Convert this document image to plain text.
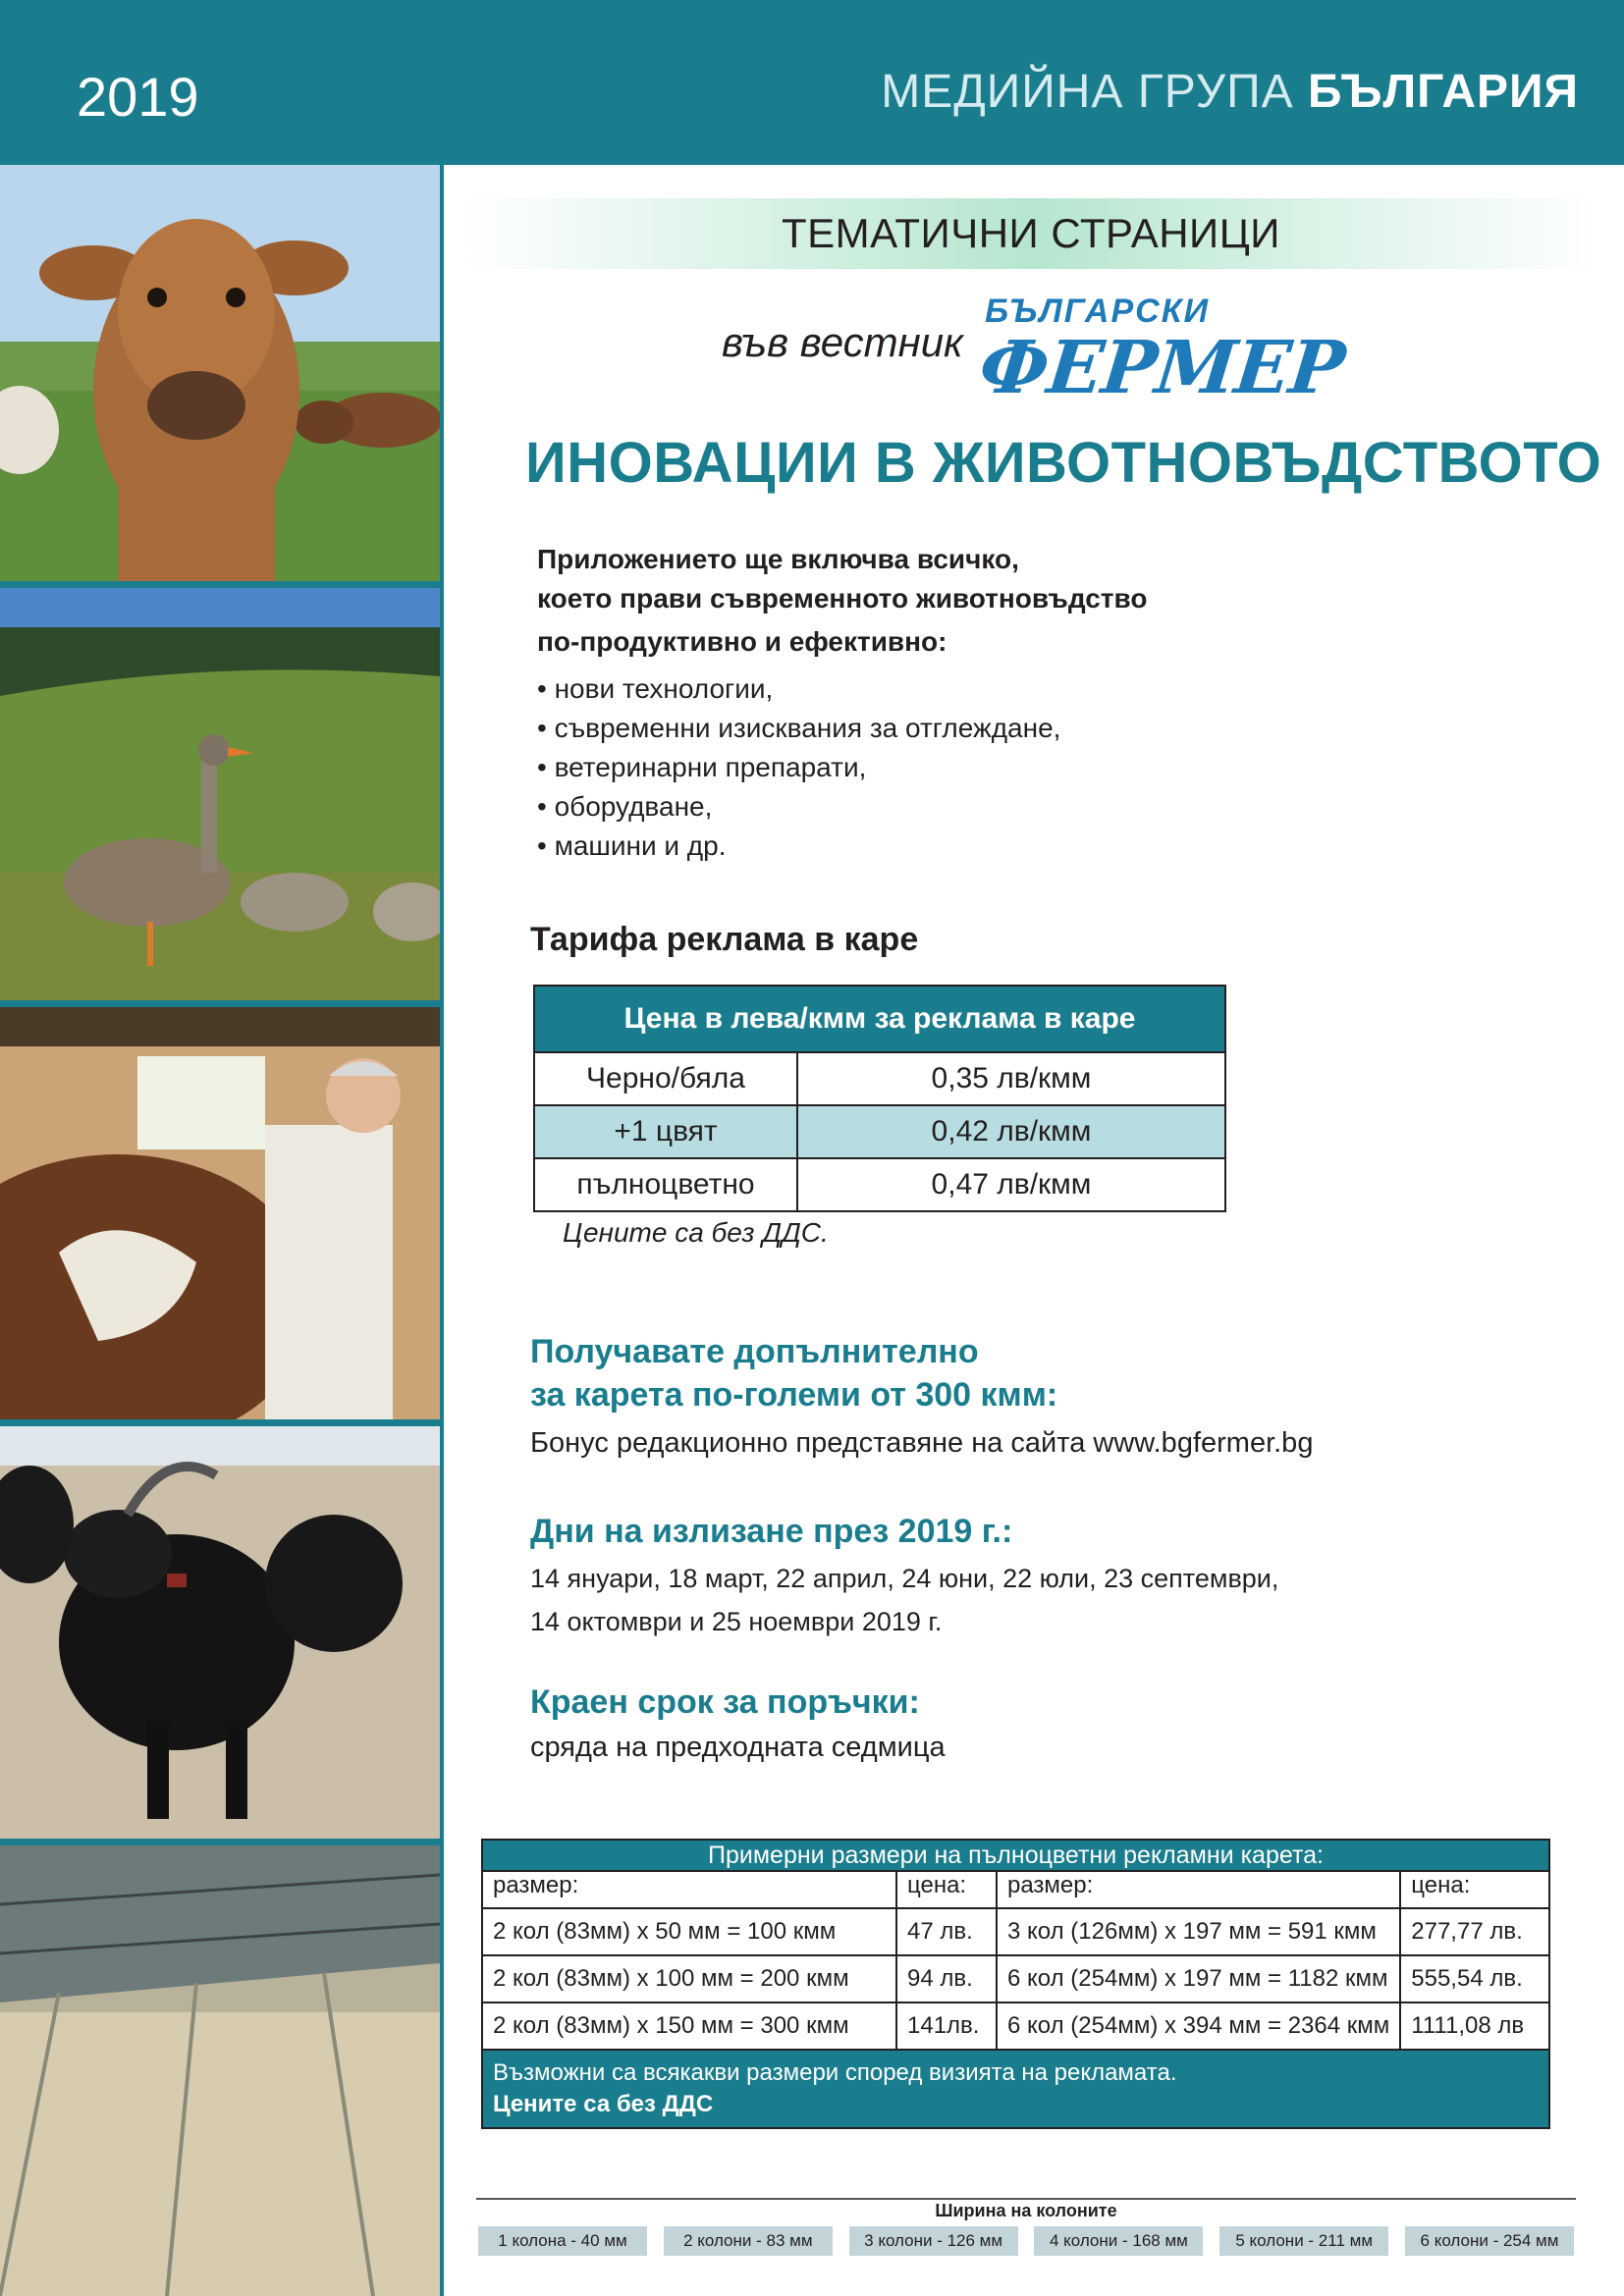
2019	МЕДИЙНА ГРУПА БЪЛГАРИЯ
ТЕМАТИЧНИ СТРАНИЦИ
във вестник
БЪЛГАРСКИ
ФЕРМЕР
ИНОВАЦИИ В ЖИВОТНОВЪДСТВОТО
Приложението ще включва всичко,
което прави съвременното животновъдство
по-продуктивно и ефективно:
• нови технологии,
• съвременни изисквания за отглеждане,
• ветеринарни препарати,
• оборудване,
• машини и др.
Тарифа реклама в каре
Цена в лева/кмм за реклама в каре	
Черно/бяла	0,35 лв/кмм
+1 цвят	0,42 лв/кмм
пълноцветно	0,47 лв/кмм
Цените са без ДДС.
Получавате допълнително
за карета по-големи от 300 кмм:
Бонус редакционно представяне на сайта www.bgfermer.bg
Дни на излизане през 2019 г.:
14 януари, 18 март, 22 април, 24 юни, 22 юли, 23 септември,
14 октомври и 25 ноември 2019 г.
Краен срок за поръчки:
сряда на предходната седмица
Примерни размери на пълноцветни рекламни карета:			
размер:	цена:	размер:	цена:
2 кол (83мм) х 50 мм = 100 кмм	47 лв.	3 кол (126мм) х 197 мм = 591 кмм	277,77 лв.
2 кол (83мм) х 100 мм = 200 кмм	94 лв.	6 кол (254мм) х 197 мм = 1182 кмм	555,54 лв.
2 кол (83мм) х 150 мм = 300 кмм	141лв.	6 кол (254мм) х 394 мм = 2364 кмм	1111,08 лв

Възможни са всякакви размери според визията на рекламата.
Цените са без ДДС			
Ширина на колоните
1 колона - 40 мм	2 колони - 83 мм	3 колони - 126 мм	4 колони - 168 мм	5 колони - 211 мм	6 колони - 254 мм
